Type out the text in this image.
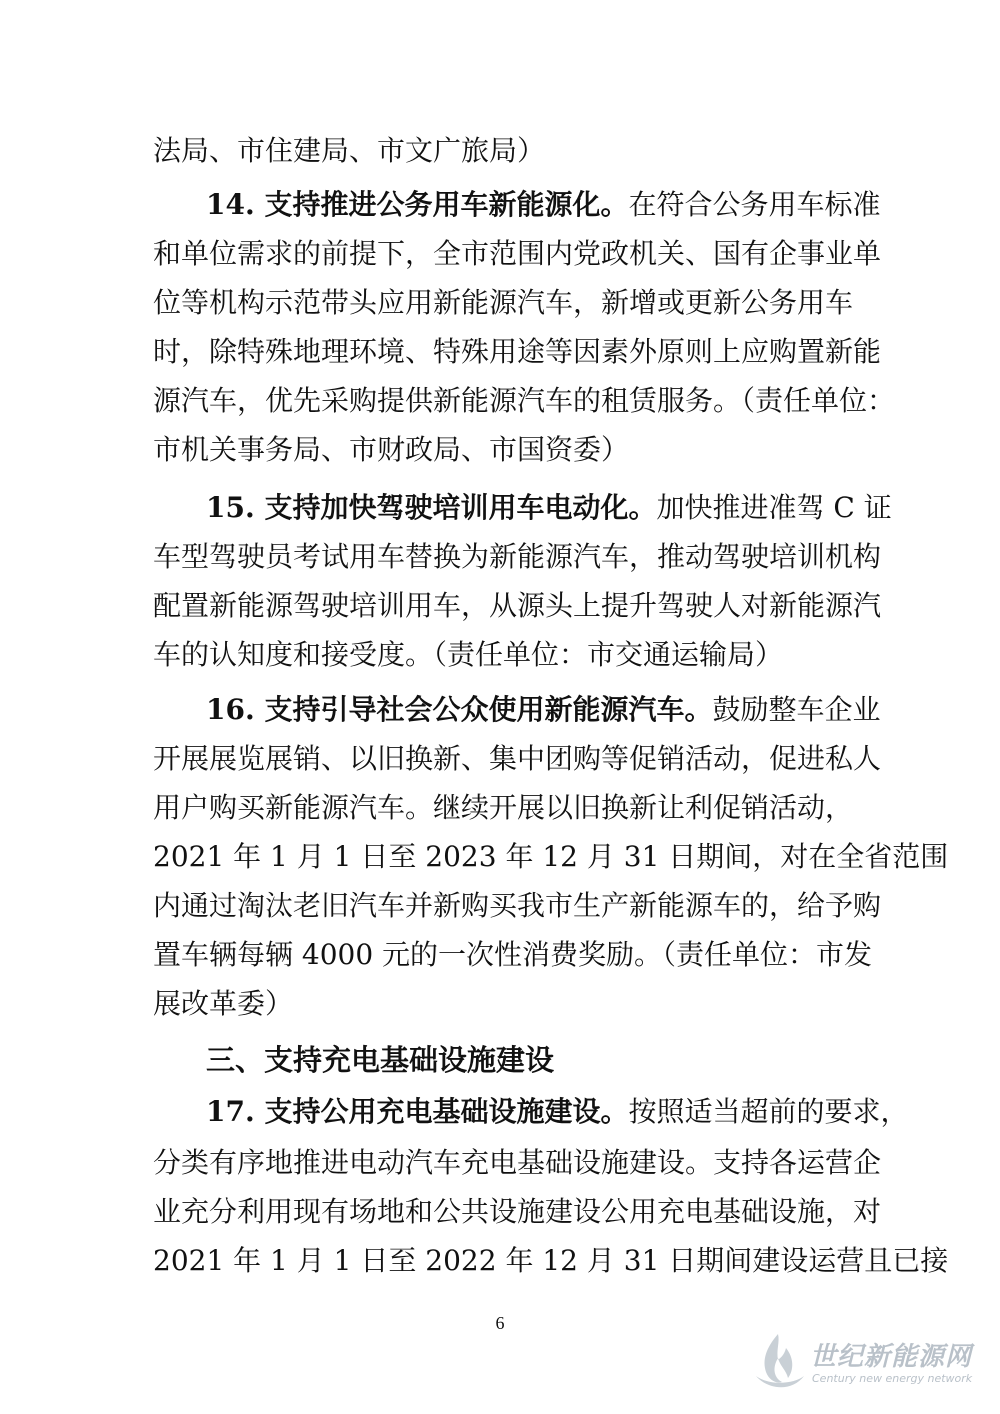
法局、市住建局、市文广旅局）
14. 支持推进公务用车新能源化。在符合公务用车标准
和单位需求的前提下，全市范围内党政机关、国有企事业单
位等机构示范带头应用新能源汽车，新增或更新公务用车
时，除特殊地理环境、特殊用途等因素外原则上应购置新能
源汽车，优先采购提供新能源汽车的租赁服务。（责任单位：
市机关事务局、市财政局、市国资委）
15. 支持加快驾驶培训用车电动化。加快推进准驾 C 证
车型驾驶员考试用车替换为新能源汽车，推动驾驶培训机构
配置新能源驾驶培训用车，从源头上提升驾驶人对新能源汽
车的认知度和接受度。（责任单位：市交通运输局）
16. 支持引导社会公众使用新能源汽车。鼓励整车企业
开展展览展销、以旧换新、集中团购等促销活动，促进私人
用户购买新能源汽车。继续开展以旧换新让利促销活动，
2021 年 1 月 1 日至 2023 年 12 月 31 日期间，对在全省范围
内通过淘汰老旧汽车并新购买我市生产新能源车的，给予购
置车辆每辆 4000 元的一次性消费奖励。（责任单位：市发
展改革委）
三、支持充电基础设施建设
17. 支持公用充电基础设施建设。按照适当超前的要求，
分类有序地推进电动汽车充电基础设施建设。支持各运营企
业充分利用现有场地和公共设施建设公用充电基础设施，对
2021 年 1 月 1 日至 2022 年 12 月 31 日期间建设运营且已接
6
世纪新能源网
Century new energy network
